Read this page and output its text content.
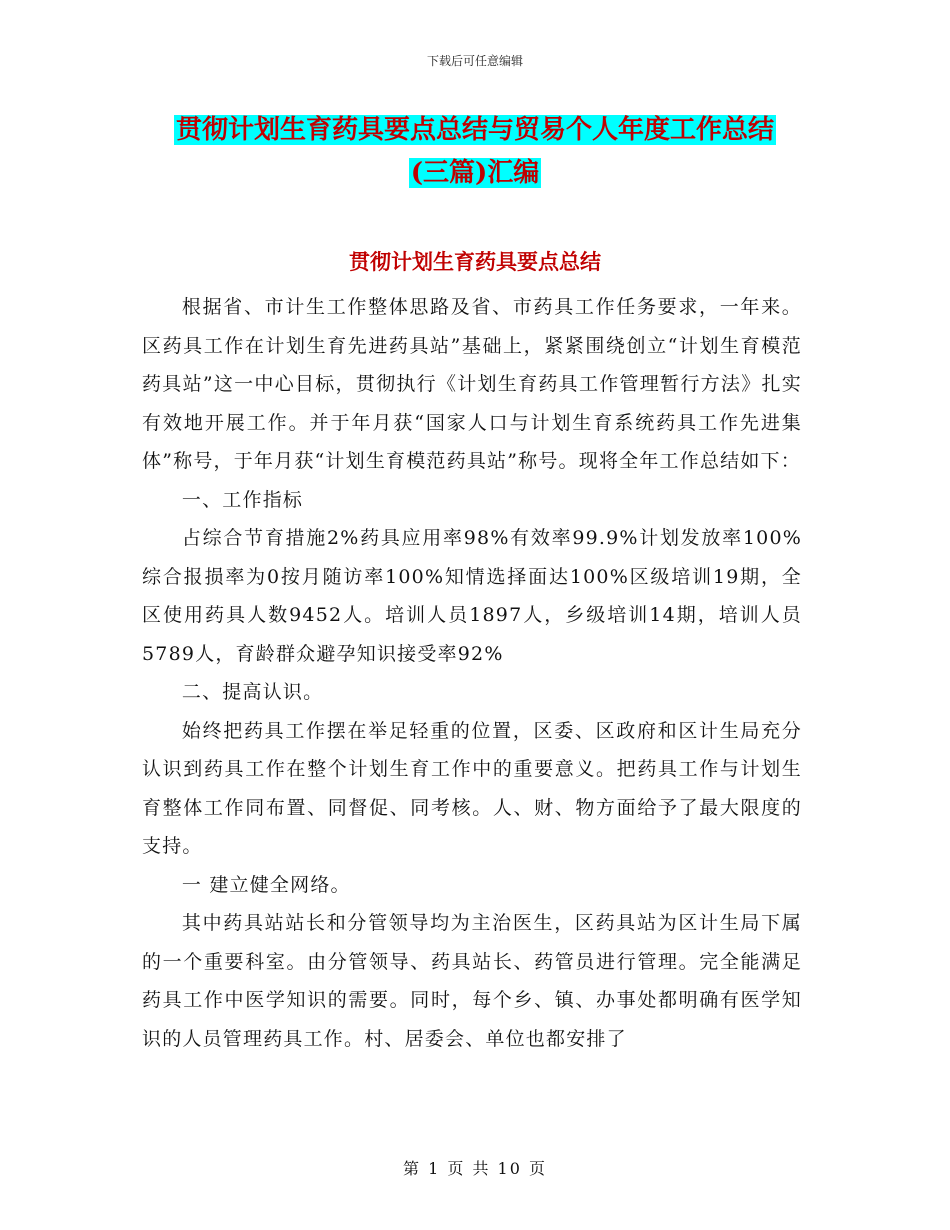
下载后可任意编辑
贯彻计划生育药具要点总结与贸易个人年度工作总结
(三篇)汇编
贯彻计划生育药具要点总结

根据省、市计生工作整体思路及省、市药具工作任务要求，一年来。区药具工作在计划生育先进药具站”基础上，紧紧围绕创立“计划生育模范药具站”这一中心目标，贯彻执行《计划生育药具工作管理暂行方法》扎实有效地开展工作。并于年月获“国家人口与计划生育系统药具工作先进集体”称号，于年月获“计划生育模范药具站”称号。现将全年工作总结如下：

一、工作指标

占综合节育措施2%药具应用率98%有效率99.9%计划发放率100%综合报损率为0按月随访率100%知情选择面达100%区级培训19期，全区使用药具人数9452人。培训人员1897人，乡级培训14期，培训人员5789人，育龄群众避孕知识接受率92%

二、提高认识。

始终把药具工作摆在举足轻重的位置，区委、区政府和区计生局充分认识到药具工作在整个计划生育工作中的重要意义。把药具工作与计划生育整体工作同布置、同督促、同考核。人、财、物方面给予了最大限度的支持。

一 建立健全网络。

其中药具站站长和分管领导均为主治医生，区药具站为区计生局下属的一个重要科室。由分管领导、药具站长、药管员进行管理。完全能满足药具工作中医学知识的需要。同时，每个乡、镇、办事处都明确有医学知识的人员管理药具工作。村、居委会、单位也都安排了

第 1 页 共 10 页
